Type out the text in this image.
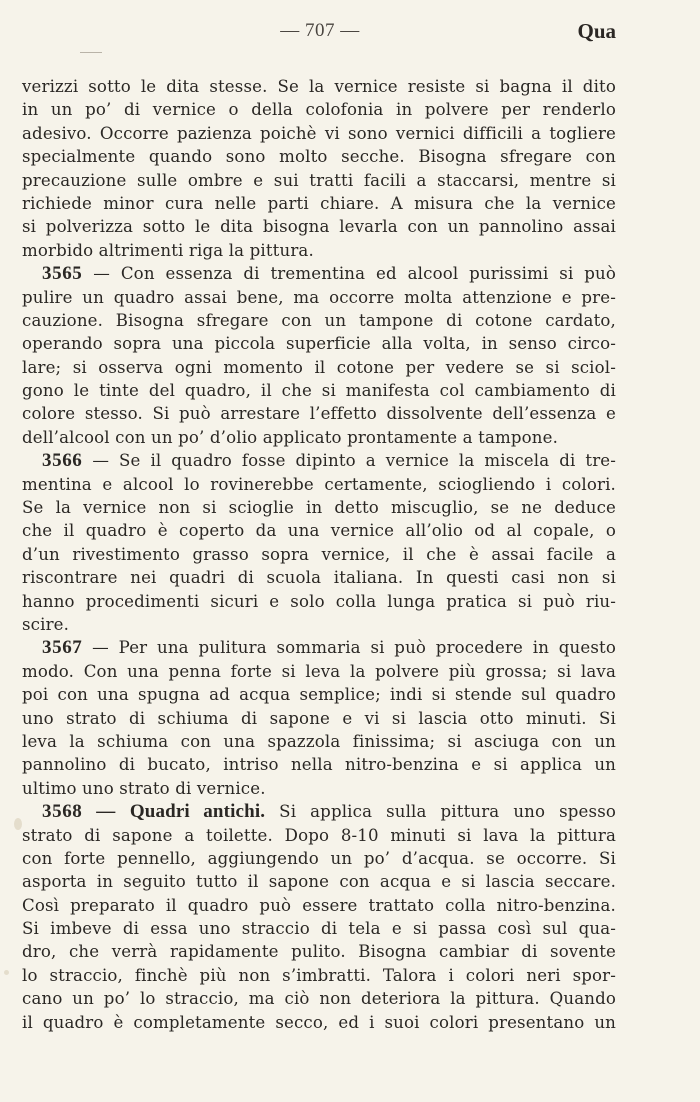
— 707 —	Qua
verizzi sotto le dita stesse. Se la vernice resiste si bagna il dito
in un po’ di vernice o della colofonia in polvere per renderlo
adesivo. Occorre pazienza poichè vi sono vernici difficili a togliere
specialmente quando sono molto secche. Bisogna sfregare con
precauzione sulle ombre e sui tratti facili a staccarsi, mentre si
richiede minor cura nelle parti chiare. A misura che la vernice
si polverizza sotto le dita bisogna levarla con un pannolino assai
morbido altrimenti riga la pittura.
3565 — Con essenza di trementina ed alcool purissimi si può
pulire un quadro assai bene, ma occorre molta attenzione e pre-
cauzione. Bisogna sfregare con un tampone di cotone cardato,
operando sopra una piccola superficie alla volta, in senso circo-
lare; si osserva ogni momento il cotone per vedere se si sciol-
gono le tinte del quadro, il che si manifesta col cambiamento di
colore stesso. Si può arrestare l’effetto dissolvente dell’essenza e
dell’alcool con un po’ d’olio applicato prontamente a tampone.
3566 — Se il quadro fosse dipinto a vernice la miscela di tre-
mentina e alcool lo rovinerebbe certamente, sciogliendo i colori.
Se la vernice non si scioglie in detto miscuglio, se ne deduce
che il quadro è coperto da una vernice all’olio od al copale, o
d’un rivestimento grasso sopra vernice, il che è assai facile a
riscontrare nei quadri di scuola italiana. In questi casi non si
hanno procedimenti sicuri e solo colla lunga pratica si può riu-
scire.
3567 — Per una pulitura sommaria si può procedere in questo
modo. Con una penna forte si leva la polvere più grossa; si lava
poi con una spugna ad acqua semplice; indi si stende sul quadro
uno strato di schiuma di sapone e vi si lascia otto minuti. Si
leva la schiuma con una spazzola finissima; si asciuga con un
pannolino di bucato, intriso nella nitro-benzina e si applica un
ultimo uno strato di vernice.
3568 — Quadri antichi. Si applica sulla pittura uno spesso
strato di sapone a toilette. Dopo 8-10 minuti si lava la pittura
con forte pennello, aggiungendo un po’ d’acqua. se occorre. Si
asporta in seguito tutto il sapone con acqua e si lascia seccare.
Così preparato il quadro può essere trattato colla nitro-benzina.
Si imbeve di essa uno straccio di tela e si passa così sul qua-
dro, che verrà rapidamente pulito. Bisogna cambiar di sovente
lo straccio, finchè più non s’imbratti. Talora i colori neri spor-
cano un po’ lo straccio, ma ciò non deteriora la pittura. Quando
il quadro è completamente secco, ed i suoi colori presentano un
